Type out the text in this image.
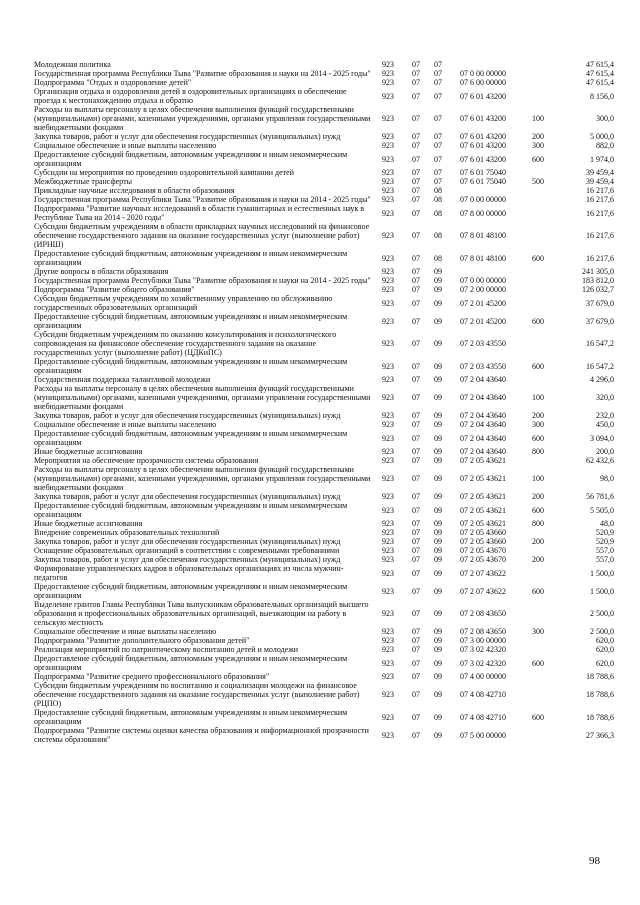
Молодежная политика	923	07	07			47 615,4
Государственная программа Республики Тыва "Развитие образования и науки на 2014 - 2025 годы"	923	07	07	07 0 00 00000		47 615,4
Подпрограмма "Отдых и оздоровление детей"	923	07	07	07 6 00 00000		47 615,4
Организация отдыха и оздоровления детей в оздоровительных организациях и обеспечение проезда к местонахождению отдыха и обратно	923	07	07	07 6 01 43200		8 156,0
Расходы на выплаты персоналу в целях обеспечения выполнения функций государственными (муниципальными) органами, казенными учреждениями, органами управления государственными внебюджетными фондами	923	07	07	07 6 01 43200	100	300,0
Закупка товаров, работ и услуг для обеспечения государственных (муниципальных) нужд	923	07	07	07 6 01 43200	200	5 000,0
Социальное обеспечение и иные выплаты населению	923	07	07	07 6 01 43200	300	882,0
Предоставление субсидий бюджетным, автономным учреждениям и иным некоммерческим организациям	923	07	07	07 6 01 43200	600	1 974,0
Субсидии на мероприятия по проведению оздоровительной кампании детей	923	07	07	07 6 01 75040		39 459,4
Межбюджетные трансферты	923	07	07	07 6 01 75040	500	39 459,4
Прикладные научные исследования в области образования	923	07	08			16 217,6
Государственная программа Республики Тыва "Развитие образования и науки на 2014 - 2025 годы"	923	07	08	07 0 00 00000		16 217,6
Подпрограмма "Развитие научных исследований в области гуманитарных и естественных наук в Республике Тыва на 2014 - 2020 годы"	923	07	08	07 8 00 00000		16 217,6
Субсидии бюджетным учреждениям в области прикладных научных исследований на финансовое обеспечение государственного задания на оказание государственных услуг (выполнение работ) (ИРНШ)	923	07	08	07 8 01 48100		16 217,6
Предоставление субсидий бюджетным, автономным учреждениям и иным некоммерческим организациям	923	07	08	07 8 01 48100	600	16 217,6
Другие вопросы в области образования	923	07	09			241 305,0
Государственная программа Республики Тыва "Развитие образования и науки на 2014 - 2025 годы"	923	07	09	07 0 00 00000		183 812,0
Подпрограмма "Развитие общего образования"	923	07	09	07 2 00 00000		126 032,7
Субсидии бюджетным учреждениям по хозяйственному управлению по обслуживанию государственных образовательных организаций	923	07	09	07 2 01 45200		37 679,0
Предоставление субсидий бюджетным, автономным учреждениям и иным некоммерческим организациям	923	07	09	07 2 01 45200	600	37 679,0
Субсидии бюджетным учреждениям по оказанию консультирования и психологического сопровождения на финансовое обеспечение государственного задания на оказание государственных услуг (выполнение работ) (ЦДКиПС)	923	07	09	07 2 03 43550		16 547,2
Предоставление субсидий бюджетным, автономным учреждениям и иным некоммерческим организациям	923	07	09	07 2 03 43550	600	16 547,2
Государственная поддержка талантливой молодежи	923	07	09	07 2 04 43640		4 296,0
Расходы на выплаты персоналу в целях обеспечения выполнения функций государственными (муниципальными) органами, казенными учреждениями, органами управления государственными внебюджетными фондами	923	07	09	07 2 04 43640	100	320,0
Закупка товаров, работ и услуг для обеспечения государственных (муниципальных) нужд	923	07	09	07 2 04 43640	200	232,0
Социальное обеспечение и иные выплаты населению	923	07	09	07 2 04 43640	300	450,0
Предоставление субсидий бюджетным, автономным учреждениям и иным некоммерческим организациям	923	07	09	07 2 04 43640	600	3 094,0
Иные бюджетные ассигнования	923	07	09	07 2 04 43640	800	200,0
Мероприятия на обеспечение прозрачности системы образования	923	07	09	07 2 05 43621		62 432,6
Расходы на выплаты персоналу в целях обеспечения выполнения функций государственными (муниципальными) органами, казенными учреждениями, органами управления государственными внебюджетными фондами	923	07	09	07 2 05 43621	100	98,0
Закупка товаров, работ и услуг для обеспечения государственных (муниципальных) нужд	923	07	09	07 2 05 43621	200	56 781,6
Предоставление субсидий бюджетным, автономным учреждениям и иным некоммерческим организациям	923	07	09	07 2 05 43621	600	5 505,0
Иные бюджетные ассигнования	923	07	09	07 2 05 43621	800	48,0
Внедрение современных образовательных технологий	923	07	09	07 2 05 43660		520,9
Закупка товаров, работ и услуг для обеспечения государственных (муниципальных) нужд	923	07	09	07 2 05 43660	200	520,9
Оснащение образовательных организаций в соответствии с современными требованиями	923	07	09	07 2 05 43670		557,0
Закупка товаров, работ и услуг для обеспечения государственных (муниципальных) нужд	923	07	09	07 2 05 43670	200	557,0
Формирование управленческих кадров в образовательных организациях из числа мужчин-педагогов	923	07	09	07 2 07 43622		1 500,0
Предоставление субсидий бюджетным, автономным учреждениям и иным некоммерческим организациям	923	07	09	07 2 07 43622	600	1 500,0
Выделение грантов Главы Республики Тыва выпускникам образовательных организаций высшего образования и профессиональных образовательных организаций, выезжающим на работу в сельскую местность	923	07	09	07 2 08 43650		2 500,0
Социальное обеспечение и иные выплаты населению	923	07	09	07 2 08 43650	300	2 500,0
Подпрограмма "Развитие дополнительного образования детей"	923	07	09	07 3 00 00000		620,0
Реализация мероприятий по патриотическому воспитанию детей и молодежи	923	07	09	07 3 02 42320		620,0
Предоставление субсидий бюджетным, автономным учреждениям и иным некоммерческим организациям	923	07	09	07 3 02 42320	600	620,0
Подпрограмма "Развитие среднего профессионального образования"	923	07	09	07 4 00 00000		18 788,6
Субсидии бюджетным учреждениям по воспитанию и социализации молодежи на финансовое обеспечение государственного задания на оказание государственных услуг (выполнение работ) (РЦПО)	923	07	09	07 4 08 42710		18 788,6
Предоставление субсидий бюджетным, автономным учреждениям и иным некоммерческим организациям	923	07	09	07 4 08 42710	600	18 788,6
Подпрограмма "Развитие системы оценки качества образования и информационной прозрачности системы образования"	923	07	09	07 5 00 00000		27 366,3
98
